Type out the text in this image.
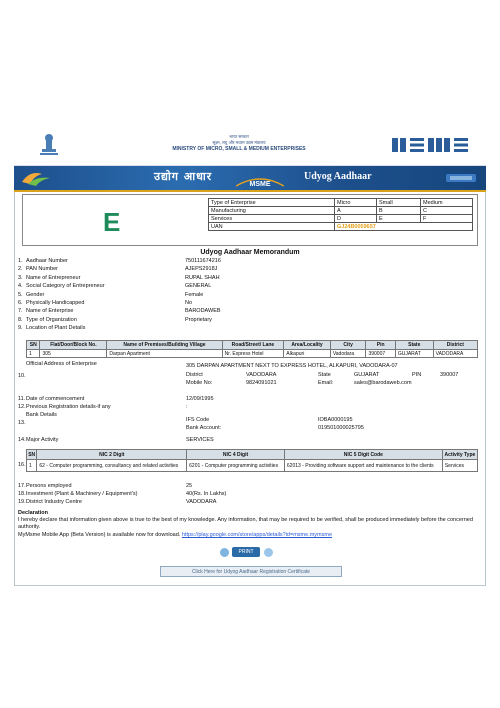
भारत सरकार
सूक्ष्म, लघु और मध्यम उद्यम मंत्रालय
MINISTRY OF MICRO, SMALL & MEDIUM ENTERPRISES
उद्योग आधार
MSME
Udyog Aadhaar
E
Type of Enterprise	Micro	Small	Medium
Manufacturing	A	B	C
Services	D	E	F
UAN	GJ24B0059657		
Udyog Aadhaar Memorandum
1. Aadhaar Number	750111674216
2. PAN Number	AJEPS2918J
3. Name of Entrepreneur	RUPAL SHAH
4. Social Category of Entrepreneur	GENERAL
5. Gender	Female
6. Physically Handicapped	No
7. Name of Enterprise	BARODAWEB
8. Type of Organization	Proprietary
9. Location of Plant Details
SN	Flat/Door/Block No.	Name of Premises/Building Village	Road/Street/ Lane	Area/Locality	City	Pin	State	District
1	305	Darpan Apartment	Nr. Express Hotel	Alkapuri	Vadodara	390007	GUJARAT	VADODARA
Official Address of Enterprise
10.
305 DARPAN APARTMENT NEXT TO EXPRESS HOTEL, ALKAPURI, VADODARA-07
District	VADODARA	State	GUJARAT	PIN	390007
Mobile No:	9824091021	Email:	sales@barodaweb.com
11. Date of commencement	12/09/1995
12. Previous Registration details-if any	:
Bank Details
13.	IFS Code	IOBA0000195
Bank Account:	019501000025795
14. Major Activity	SERVICES
16.
SN	NIC 2 Digit	NIC 4 Digit	NIC 5 Digit Code	Activity Type
1	62 - Computer programming, consultancy and related activities	6201 - Computer programming activities	62013 - Providing software support and maintenance to the clients	Services
17. Persons employed	25
18. Investment (Plant & Machinery / Equipment's)	40(Rs. In Lakhs)
19. District Industry Centre	VADODARA
Declaration
I hereby declare that information given above is true to the best of my knowledge. Any information, that may be required to be verified, shall be produced immediately before the concerned authority.
MyMsme Mobile App (Beta Version) is available now for download. https://play.google.com/store/apps/details?id=msme.mymsme
PRINT
Click Here for Udyog Aadhaar Registration Certificate
